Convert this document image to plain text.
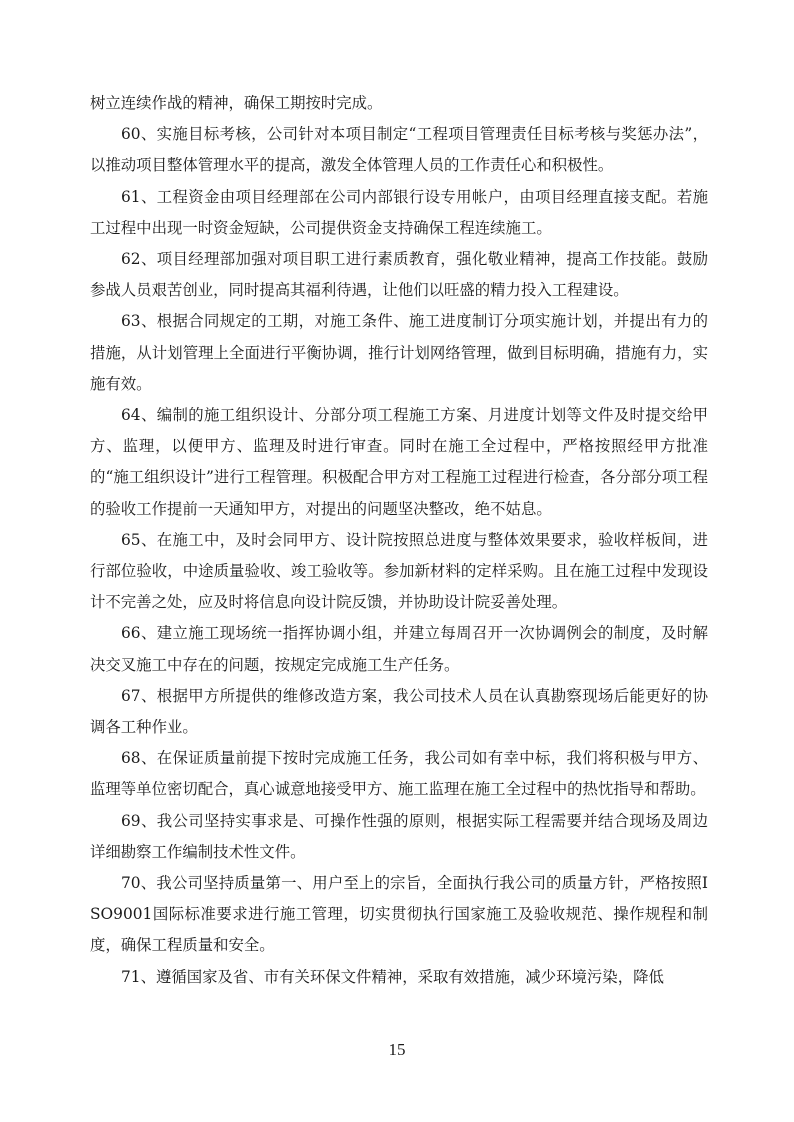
树立连续作战的精神，确保工期按时完成。

60、实施目标考核，公司针对本项目制定“工程项目管理责任目标考核与奖惩办法”，以推动项目整体管理水平的提高，激发全体管理人员的工作责任心和积极性。

61、工程资金由项目经理部在公司内部银行设专用帐户，由项目经理直接支配。若施工过程中出现一时资金短缺，公司提供资金支持确保工程连续施工。

62、项目经理部加强对项目职工进行素质教育，强化敬业精神，提高工作技能。鼓励参战人员艰苦创业，同时提高其福利待遇，让他们以旺盛的精力投入工程建设。

63、根据合同规定的工期，对施工条件、施工进度制订分项实施计划，并提出有力的措施，从计划管理上全面进行平衡协调，推行计划网络管理，做到目标明确，措施有力，实施有效。

64、编制的施工组织设计、分部分项工程施工方案、月进度计划等文件及时提交给甲方、监理，以便甲方、监理及时进行审查。同时在施工全过程中，严格按照经甲方批准的“施工组织设计”进行工程管理。积极配合甲方对工程施工过程进行检查，各分部分项工程的验收工作提前一天通知甲方，对提出的问题坚决整改，绝不姑息。

65、在施工中，及时会同甲方、设计院按照总进度与整体效果要求，验收样板间，进行部位验收，中途质量验收、竣工验收等。参加新材料的定样采购。且在施工过程中发现设计不完善之处，应及时将信息向设计院反馈，并协助设计院妥善处理。

66、建立施工现场统一指挥协调小组，并建立每周召开一次协调例会的制度，及时解决交叉施工中存在的问题，按规定完成施工生产任务。

67、根据甲方所提供的维修改造方案，我公司技术人员在认真勘察现场后能更好的协调各工种作业。

68、在保证质量前提下按时完成施工任务，我公司如有幸中标，我们将积极与甲方、监理等单位密切配合，真心诚意地接受甲方、施工监理在施工全过程中的热忱指导和帮助。

69、我公司坚持实事求是、可操作性强的原则，根据实际工程需要并结合现场及周边详细勘察工作编制技术性文件。

70、我公司坚持质量第一、用户至上的宗旨，全面执行我公司的质量方针，严格按照ISO9001国际标准要求进行施工管理，切实贯彻执行国家施工及验收规范、操作规程和制度，确保工程质量和安全。

71、遵循国家及省、市有关环保文件精神，采取有效措施，减少环境污染，降低

15
